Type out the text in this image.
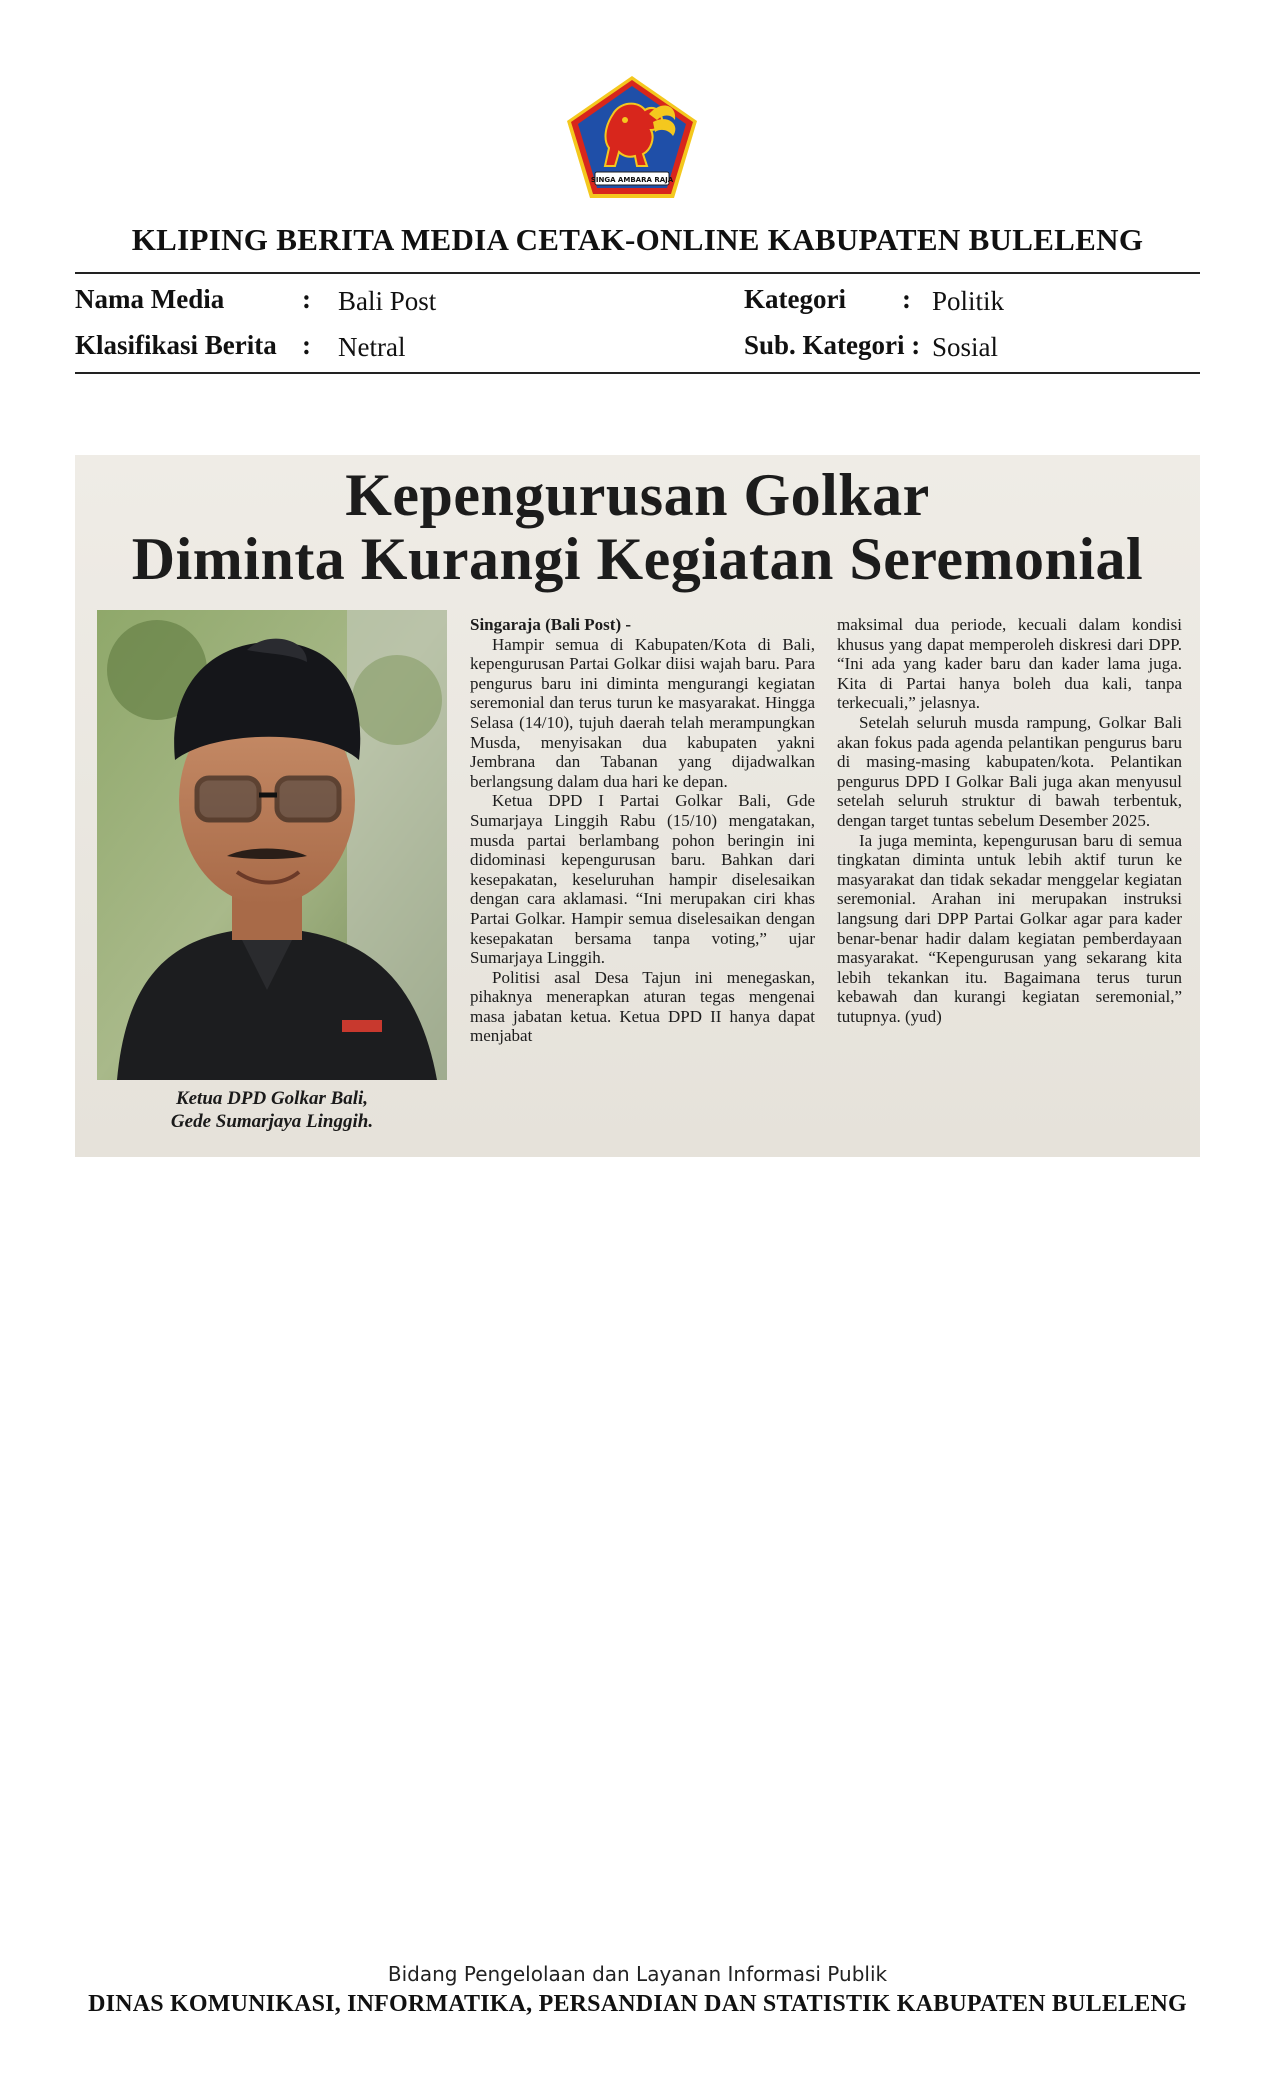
SINGA AMBARA RAJA
KLIPING BERITA MEDIA CETAK-ONLINE KABUPATEN BULELENG
Nama Media	: Bali Post
Klasifikasi Berita : Netral
Kategori : Politik
Sub. Kategori : Sosial
Kepengurusan Golkar
Diminta Kurangi Kegiatan Seremonial
Ketua DPD Golkar Bali,
Gede Sumarjaya Linggih.

Singaraja (Bali Post) -

Hampir semua di Kabupaten/Kota di Bali, kepengurusan Partai Golkar diisi wajah baru. Para pengurus baru ini diminta mengurangi kegiatan seremonial dan terus turun ke masyarakat. Hingga Selasa (14/10), tujuh daerah telah merampungkan Musda, menyisakan dua kabupaten yakni Jembrana dan Tabanan yang dijadwalkan berlangsung dalam dua hari ke depan.

Ketua DPD I Partai Golkar Bali, Gde Sumarjaya Linggih Rabu (15/10) mengatakan, musda partai berlambang pohon beringin ini didominasi kepengurusan baru. Bahkan dari kesepakatan, keseluruhan hampir diselesaikan dengan cara aklamasi. “Ini merupakan ciri khas Partai Golkar. Hampir semua diselesaikan dengan kesepakatan bersama tanpa voting,” ujar Sumarjaya Linggih.

Politisi asal Desa Tajun ini menegaskan, pihaknya menerapkan aturan tegas mengenai masa jabatan ketua. Ketua DPD II hanya dapat menjabat

maksimal dua periode, kecuali dalam kondisi khusus yang dapat memperoleh diskresi dari DPP. “Ini ada yang kader baru dan kader lama juga. Kita di Partai hanya boleh dua kali, tanpa terkecuali,” jelasnya.

Setelah seluruh musda rampung, Golkar Bali akan fokus pada agenda pelantikan pengurus baru di masing-masing kabupaten/kota. Pelantikan pengurus DPD I Golkar Bali juga akan menyusul setelah seluruh struktur di bawah terbentuk, dengan target tuntas sebelum Desember 2025.

Ia juga meminta, kepengurusan baru di semua tingkatan diminta untuk lebih aktif turun ke masyarakat dan tidak sekadar menggelar kegiatan seremonial. Arahan ini merupakan instruksi langsung dari DPP Partai Golkar agar para kader benar-benar hadir dalam kegiatan pemberdayaan masyarakat. “Kepengurusan yang sekarang kita lebih tekankan itu. Bagaimana terus turun kebawah dan kurangi kegiatan seremonial,” tutupnya. (yud)

Bidang Pengelolaan dan Layanan Informasi Publik
DINAS KOMUNIKASI, INFORMATIKA, PERSANDIAN DAN STATISTIK KABUPATEN BULELENG
